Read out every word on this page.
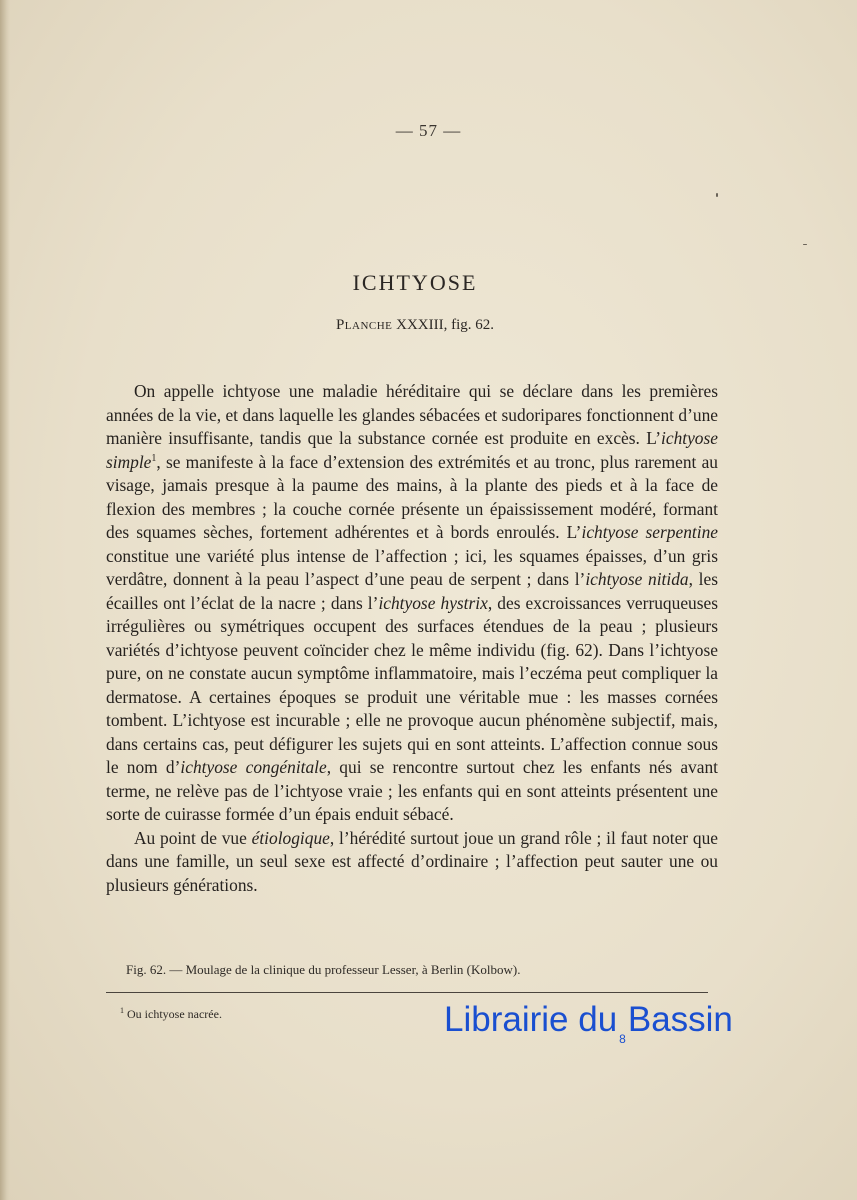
— 57 —
ICHTYOSE
Planche XXXIII, fig. 62.

On appelle ichtyose une maladie héréditaire qui se déclare dans les premières années de la vie, et dans laquelle les glandes sébacées et sudoripares fonctionnent d’une manière insuffisante, tandis que la substance cornée est produite en excès. L’ichtyose simple$^1$, se manifeste à la face d’extension des extrémités et au tronc, plus rarement au visage, jamais presque à la paume des mains, à la plante des pieds et à la face de flexion des membres ; la couche cornée présente un épaississement modéré, formant des squames sèches, fortement adhérentes et à bords enroulés. L’ichtyose serpentine constitue une variété plus intense de l’affection ; ici, les squames épaisses, d’un gris verdâtre, donnent à la peau l’aspect d’une peau de serpent ; dans l’ichtyose nitida, les écailles ont l’éclat de la nacre ; dans l’ichtyose hystrix, des excroissances verruqueuses irrégulières ou symétriques occupent des surfaces étendues de la peau ; plusieurs variétés d’ichtyose peuvent coïncider chez le même individu (fig. 62). Dans l’ichtyose pure, on ne constate aucun symptôme inflammatoire, mais l’eczéma peut compliquer la dermatose. A certaines époques se produit une véritable mue : les masses cornées tombent. L’ichtyose est incurable ; elle ne provoque aucun phénomène subjectif, mais, dans certains cas, peut défigurer les sujets qui en sont atteints. L’affection connue sous le nom d’ichtyose congénitale, qui se rencontre surtout chez les enfants nés avant terme, ne relève pas de l’ichtyose vraie ; les enfants qui en sont atteints présentent une sorte de cuirasse formée d’un épais enduit sébacé.

Au point de vue étiologique, l’hérédité surtout joue un grand rôle ; il faut noter que dans une famille, un seul sexe est affecté d’ordinaire ; l’affection peut sauter une ou plusieurs générations.

Fig. 62. — Moulage de la clinique du professeur Lesser, à Berlin (Kolbow).
$^1$ Ou ichtyose nacrée.	Librairie du $_8$Bassin
